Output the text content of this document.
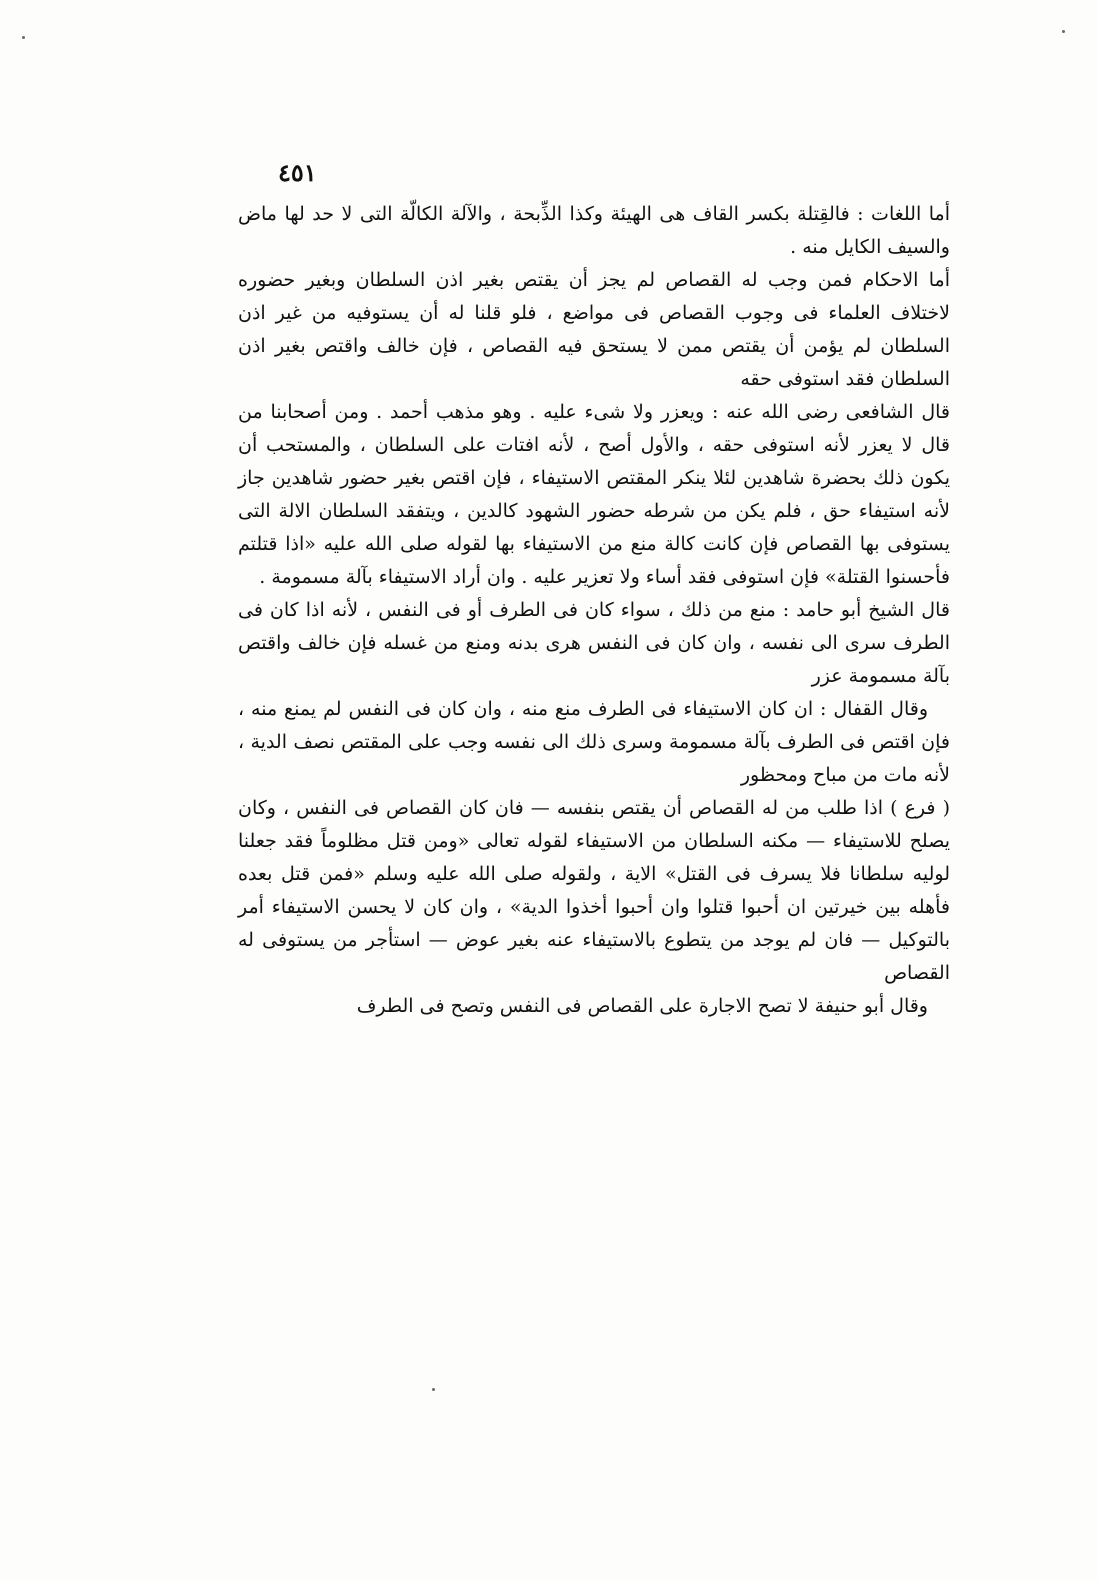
٤٥١

أما اللغات : فالقِتلة بكسر القاف هى الهيئة وكذا الذِّبحة ، والآلة الكالّة التى لا حد لها ماض والسيف الكايل منه .

أما الاحكام فمن وجب له القصاص لم يجز أن يقتص بغير اذن السلطان وبغير حضوره لاختلاف العلماء فى وجوب القصاص فى مواضع ، فلو قلنا له أن يستوفيه من غير اذن السلطان لم يؤمن أن يقتص ممن لا يستحق فيه القصاص ، فإن خالف واقتص بغير اذن السلطان فقد استوفى حقه

قال الشافعى رضى الله عنه : ويعزر ولا شىء عليه . وهو مذهب أحمد . ومن أصحابنا من قال لا يعزر لأنه استوفى حقه ، والأول أصح ، لأنه افتات على السلطان ، والمستحب أن يكون ذلك بحضرة شاهدين لئلا ينكر المقتص الاستيفاء ، فإن اقتص بغير حضور شاهدين جاز لأنه استيفاء حق ، فلم يكن من شرطه حضور الشهود كالدين ، ويتفقد السلطان الالة التى يستوفى بها القصاص فإن كانت كالة منع من الاستيفاء بها لقوله صلى الله عليه «اذا قتلتم فأحسنوا القتلة» فإن استوفى فقد أساء ولا تعزير عليه . وان أراد الاستيفاء بآلة مسمومة .

قال الشيخ أبو حامد : منع من ذلك ، سواء كان فى الطرف أو فى النفس ، لأنه اذا كان فى الطرف سرى الى نفسه ، وان كان فى النفس هرى بدنه ومنع من غسله فإن خالف واقتص بآلة مسمومة عزر

وقال القفال : ان كان الاستيفاء فى الطرف منع منه ، وان كان فى النفس لم يمنع منه ، فإن اقتص فى الطرف بآلة مسمومة وسرى ذلك الى نفسه وجب على المقتص نصف الدية ، لأنه مات من مباح ومحظور

( فرع ) اذا طلب من له القصاص أن يقتص بنفسه — فان كان القصاص فى النفس ، وكان يصلح للاستيفاء — مكنه السلطان من الاستيفاء لقوله تعالى «ومن قتل مظلوماً فقد جعلنا لوليه سلطانا فلا يسرف فى القتل» الاية ، ولقوله صلى الله عليه وسلم «فمن قتل بعده فأهله بين خيرتين ان أحبوا قتلوا وان أحبوا أخذوا الدية» ، وان كان لا يحسن الاستيفاء أمر بالتوكيل — فان لم يوجد من يتطوع بالاستيفاء عنه بغير عوض — استأجر من يستوفى له القصاص

وقال أبو حنيفة لا تصح الاجارة على القصاص فى النفس وتصح فى الطرف
